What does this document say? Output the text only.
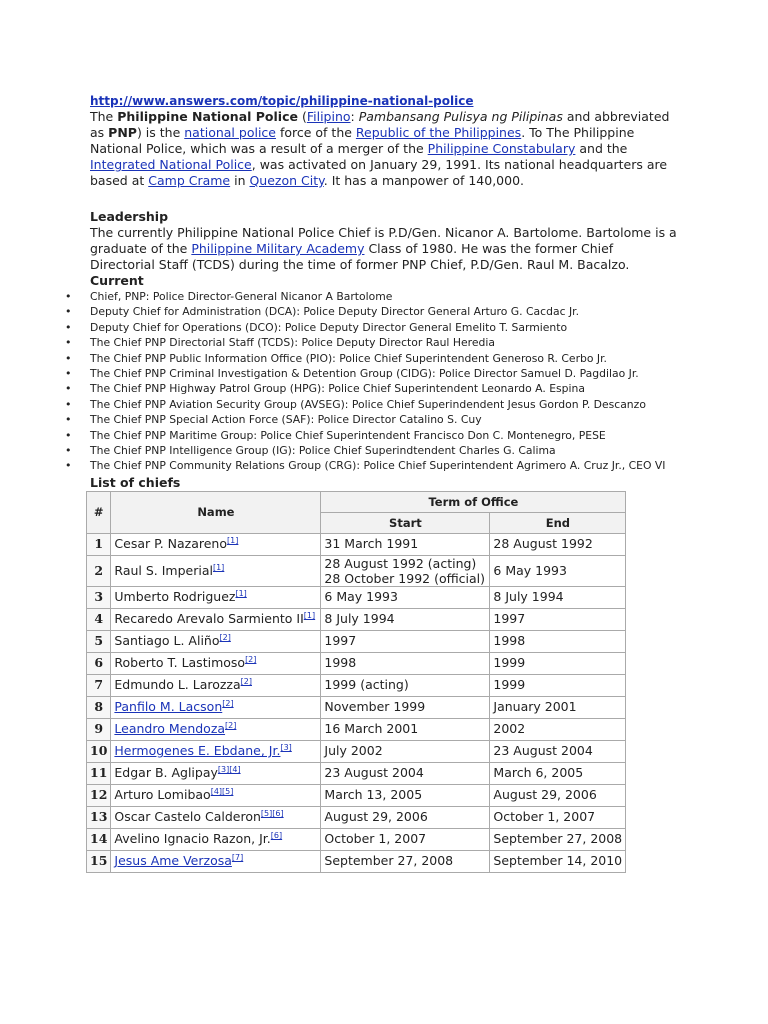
http://www.answers.com/topic/philippine-national-police

The Philippine National Police (Filipino: Pambansang Pulisya ng Pilipinas and abbreviated as PNP) is the national police force of the Republic of the Philippines. To The Philippine National Police, which was a result of a merger of the Philippine Constabulary and the Integrated National Police, was activated on January 29, 1991. Its national headquarters are based at Camp Crame in Quezon City. It has a manpower of 140,000.

Leadership

The currently Philippine National Police Chief is P.D/Gen. Nicanor A. Bartolome. Bartolome is a graduate of the Philippine Military Academy Class of 1980. He was the former Chief Directorial Staff (TCDS) during the time of former PNP Chief, P.D/Gen. Raul M. Bacalzo.

Current
• Chief, PNP: Police Director-General Nicanor A Bartolome
• Deputy Chief for Administration (DCA): Police Deputy Director General Arturo G. Cacdac Jr.
• Deputy Chief for Operations (DCO): Police Deputy Director General Emelito T. Sarmiento
• The Chief PNP Directorial Staff (TCDS): Police Deputy Director Raul Heredia
• The Chief PNP Public Information Office (PIO): Police Chief Superintendent Generoso R. Cerbo Jr.
• The Chief PNP Criminal Investigation & Detention Group (CIDG): Police Director Samuel D. Pagdilao Jr.
• The Chief PNP Highway Patrol Group (HPG): Police Chief Superintendent Leonardo A. Espina
• The Chief PNP Aviation Security Group (AVSEG): Police Chief Superindendent Jesus Gordon P. Descanzo
• The Chief PNP Special Action Force (SAF): Police Director Catalino S. Cuy
• The Chief PNP Maritime Group: Police Chief Superintendent Francisco Don C. Montenegro, PESE
• The Chief PNP Intelligence Group (IG): Police Chief Superindtendent Charles G. Calima
• The Chief PNP Community Relations Group (CRG): Police Chief Superintendent Agrimero A. Cruz Jr., CEO VI
List of chiefs
#	Name	Term of Office	
		Start	End
1	Cesar P. Nazareno[1]	31 March 1991	28 August 1992
2	Raul S. Imperial[1]	28 August 1992 (acting)
28 October 1992 (official)	6 May 1993
3	Umberto Rodriguez[1]	6 May 1993	8 July 1994
4	Recaredo Arevalo Sarmiento II[1]	8 July 1994	1997
5	Santiago L. Aliño[2]	1997	1998
6	Roberto T. Lastimoso[2]	1998	1999
7	Edmundo L. Larozza[2]	1999 (acting)	1999
8	Panfilo M. Lacson[2]	November 1999	January 2001
9	Leandro Mendoza[2]	16 March 2001	2002
10	Hermogenes E. Ebdane, Jr.[3]	July 2002	23 August 2004
11	Edgar B. Aglipay[3][4]	23 August 2004	March 6, 2005
12	Arturo Lomibao[4][5]	March 13, 2005	August 29, 2006
13	Oscar Castelo Calderon[5][6]	August 29, 2006	October 1, 2007
14	Avelino Ignacio Razon, Jr.[6]	October 1, 2007	September 27, 2008
15	Jesus Ame Verzosa[7]	September 27, 2008	September 14, 2010
